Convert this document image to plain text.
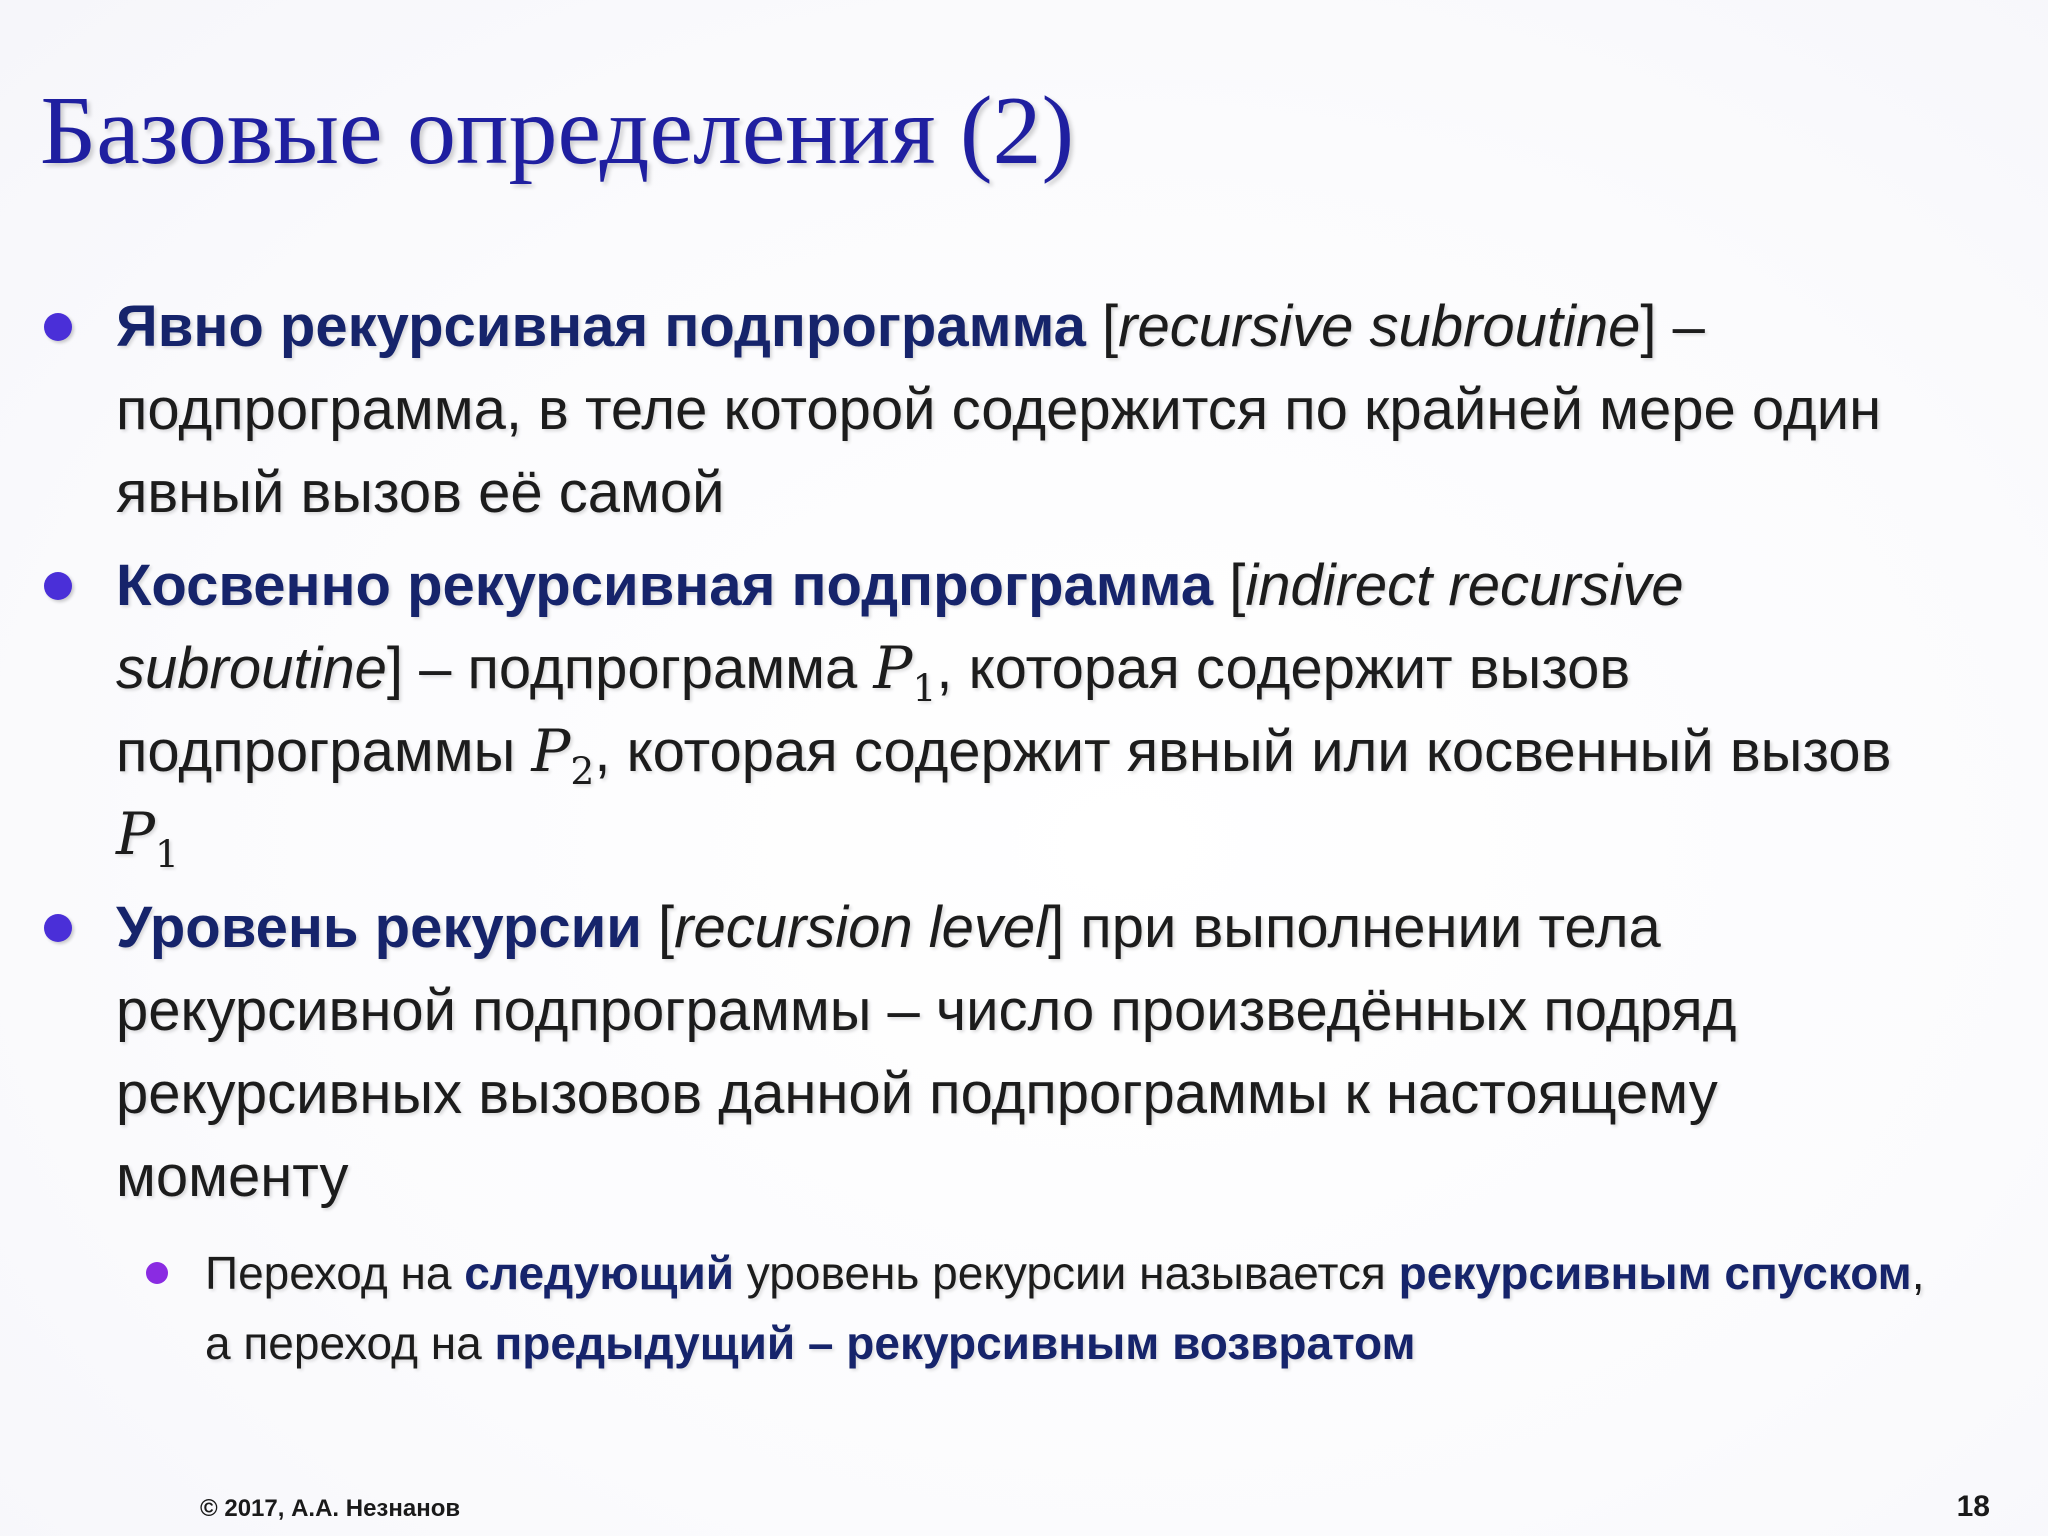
Базовые определения (2)
Явно рекурсивная подпрограмма [recursive subroutine] – подпрограмма, в теле которой содержится по крайней мере один явный вызов её самой
Косвенно рекурсивная подпрограмма [indirect recursive subroutine] – подпрограмма $P_1$, которая содержит вызов подпрограммы $P_2$, которая содержит явный или косвенный вызов $P_1$
Уровень рекурсии [recursion level] при выполнении тела рекурсивной подпрограммы – число произведённых подряд рекурсивных вызовов данной подпрограммы к настоящему моменту
Переход на следующий уровень рекурсии называется рекурсивным спуском, а переход на предыдущий – рекурсивным возвратом
© 2017, А.А. Незнанов	18
